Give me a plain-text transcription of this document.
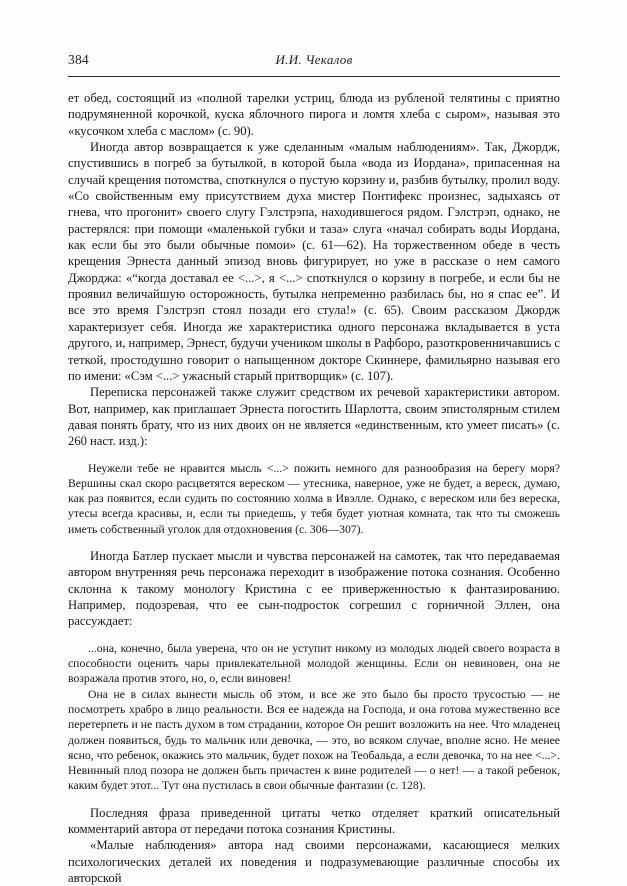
384	И.И. Чекалов

ет обед, состоящий из «полной тарелки устриц, блюда из рубленой телятины с приятно подрумяненной корочкой, куска яблочного пирога и ломтя хлеба с сыром», называя это «кусочком хлеба с маслом» (с. 90).

Иногда автор возвращается к уже сделанным «малым наблюдениям». Так, Джордж, спустившись в погреб за бутылкой, в которой была «вода из Иордана», припасенная на случай крещения потомства, споткнулся о пустую корзину и, разбив бутылку, пролил воду. «Со свойственным ему присутствием духа мистер Понтифекс произнес, задыхаясь от гнева, что прогонит» своего слугу Гэлстрэпа, находившегося рядом. Гэлстрэп, однако, не растерялся: при помощи «маленькой губки и таза» слуга «начал собирать воды Иордана, как если бы это были обычные помои» (с. 61—62). На торжественном обеде в честь крещения Эрнеста данный эпизод вновь фигурирует, но уже в рассказе о нем самого Джорджа: «“когда доставал ее <...>, я <...> споткнулся о корзину в погребе, и если бы не проявил величайшую осторожность, бутылка непременно разбилась бы, но я спас ее”. И все это время Гэлстрэп стоял позади его стула!» (с. 65). Своим рассказом Джордж характеризует себя. Иногда же характеристика одного персонажа вкладывается в уста другого, и, например, Эрнест, будучи учеником школы в Рафборо, разоткровенничавшись с теткой, простодушно говорит о напыщенном докторе Скиннере, фамильярно называя его по имени: «Сэм <...> ужасный старый притворщик» (с. 107).

Переписка персонажей также служит средством их речевой характеристики автором. Вот, например, как приглашает Эрнеста погостить Шарлотта, своим эпистолярным стилем давая понять брату, что из них двоих он не является «единственным, кто умеет писать» (с. 260 наст. изд.):

Неужели тебе не нравится мысль <...> пожить немного для разнообразия на берегу моря? Вершины скал скоро расцветятся вереском — утесника, наверное, уже не будет, а вереск, думаю, как раз появится, если судить по состоянию холма в Ивэлле. Однако, с вереском или без вереска, утесы всегда красивы, и, если ты приедешь, у тебя будет уютная комната, так что ты сможешь иметь собственный уголок для отдохновения (с. 306—307).

Иногда Батлер пускает мысли и чувства персонажей на самотек, так что передаваемая автором внутренняя речь персонажа переходит в изображение потока сознания. Особенно склонна к такому монологу Кристина с ее приверженностью к фантазированию. Например, подозревая, что ее сын-подросток согрешил с горничной Эллен, она рассуждает:

...она, конечно, была уверена, что он не уступит никому из молодых людей своего возраста в способности оценить чары привлекательной молодой женщины. Если он невиновен, она не возражала против этого, но, о, если виновен!

Она не в силах вынести мысль об этом, и все же это было бы просто трусостью — не посмотреть храбро в лицо реальности. Вся ее надежда на Господа, и она готова мужественно все перетерпеть и не пасть духом в том страдании, которое Он решит возложить на нее. Что младенец должен появиться, будь то мальчик или девочка, — это, во всяком случае, вполне ясно. Не менее ясно, что ребенок, окажись это мальчик, будет похож на Теобальда, а если девочка, то на нее <...>. Невинный плод позора не должен быть причастен к вине родителей — о нет! — а такой ребенок, каким будет этот... Тут она пустилась в свои обычные фантазии (с. 128).

Последняя фраза приведенной цитаты четко отделяет краткий описательный комментарий автора от передачи потока сознания Кристины.

«Малые наблюдения» автора над своими персонажами, касающиеся мелких психологических деталей их поведения и подразумевающие различные способы их авторской
